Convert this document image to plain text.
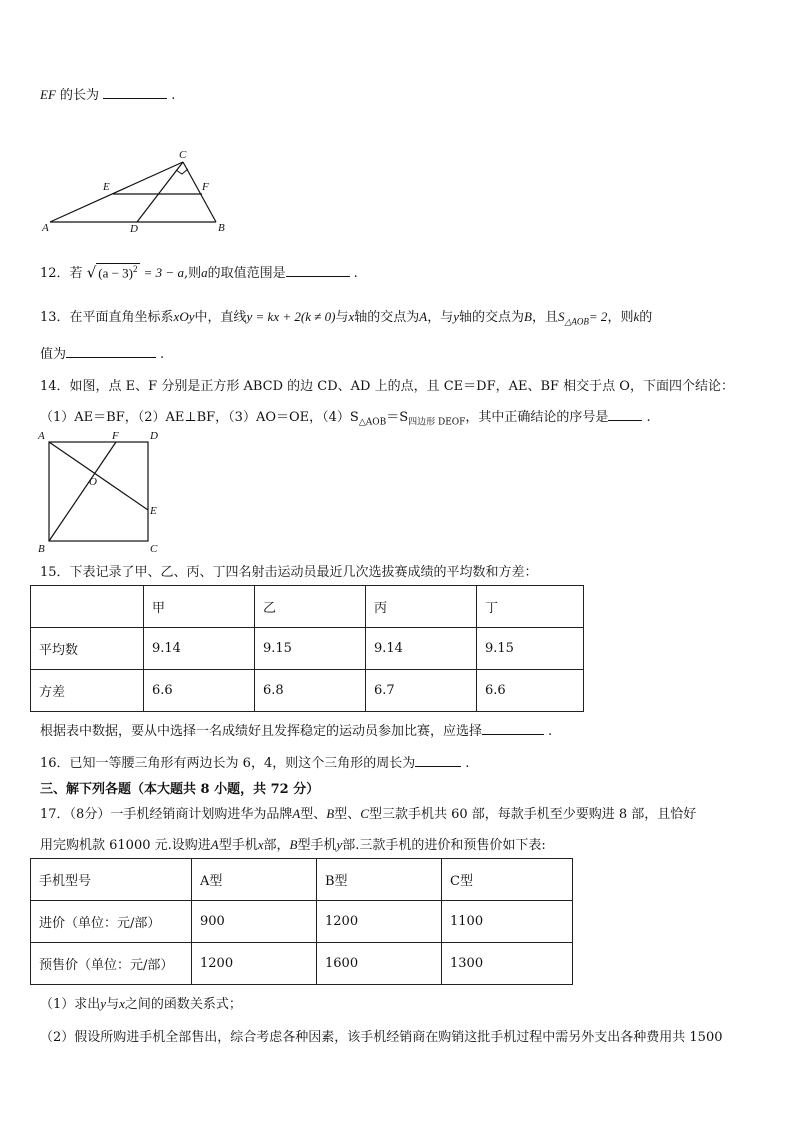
EF 的长为	.
A	B
C
D
E	F
12．若 √ $(a - 3)^2 = 3 - a$,则a的取值范围是	.
13．在平面直角坐标系xOy中，直线y = kx + 2(k ≠ 0)与x轴的交点为A，与y轴的交点为B，且$S_{\triangle AOB}= 2$，则k的
值为	.
14．如图，点 E、F 分别是正方形 ABCD 的边 CD、AD 上的点，且 CE＝DF，AE、BF 相交于点 O，下面四个结论：
（1）AE＝BF，（2）AE⊥BF，（3）AO＝OE，$(4)S_{\triangle AOB}=S_{四边形 DEOF}$，其中正确结论的序号是	.
A
B	C
D
E
F
O
15．下表记录了甲、乙、丙、丁四名射击运动员最近几次选拔赛成绩的平均数和方差：
	甲	乙	丙	丁
平均数	9.14	9.15	9.14	9.15
方差	6.6	6.8	6.7	6.6
根据表中数据，要从中选择一名成绩好且发挥稳定的运动员参加比赛，应选择	.
16．已知一等腰三角形有两边长为 6，4，则这个三角形的周长为	.
三、解下列各题（本大题共 8 小题，共 72 分）
17．（8分）一手机经销商计划购进华为品牌A型、B型、C型三款手机共 60 部，每款手机至少要购进 8 部，且恰好
用完购机款 61000 元.设购进A型手机x部，B型手机y部.三款手机的进价和预售价如下表:
手机型号	A型	B型	C型
进价（单位：元/部）	900	1200	1100
预售价（单位：元/部）	1200	1600	1300
（1）求出y与x之间的函数关系式；
（2）假设所购进手机全部售出，综合考虑各种因素，该手机经销商在购销这批手机过程中需另外支出各种费用共 1500
